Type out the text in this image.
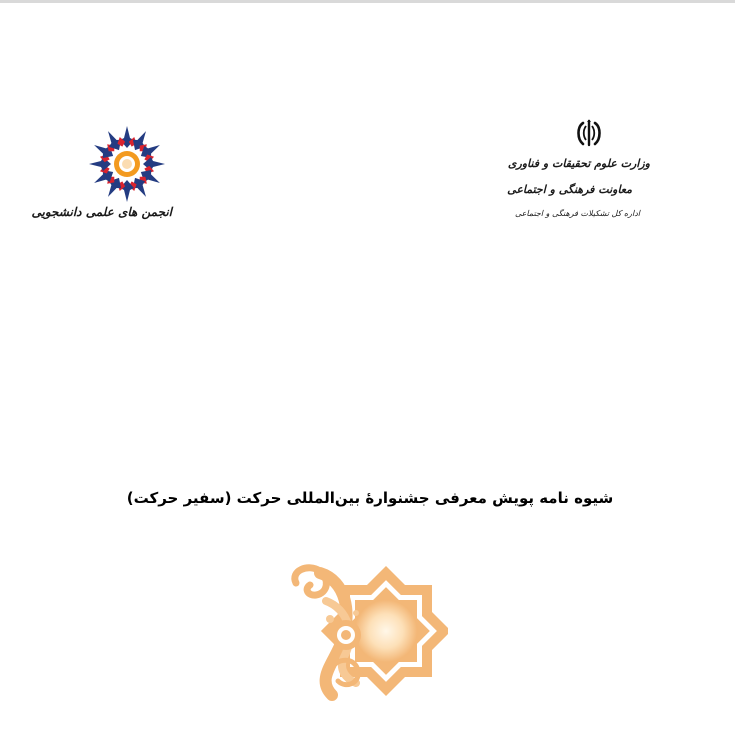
انجمن های علمی دانشجویی
وزارت علوم تحقیقات و فناوری
معاونت فرهنگی و اجتماعی
اداره کل تشکیلات فرهنگی و اجتماعی
شیوه نامه پویش معرفی جشنوارۀ بین‌المللی حرکت (سفیر حرکت)
